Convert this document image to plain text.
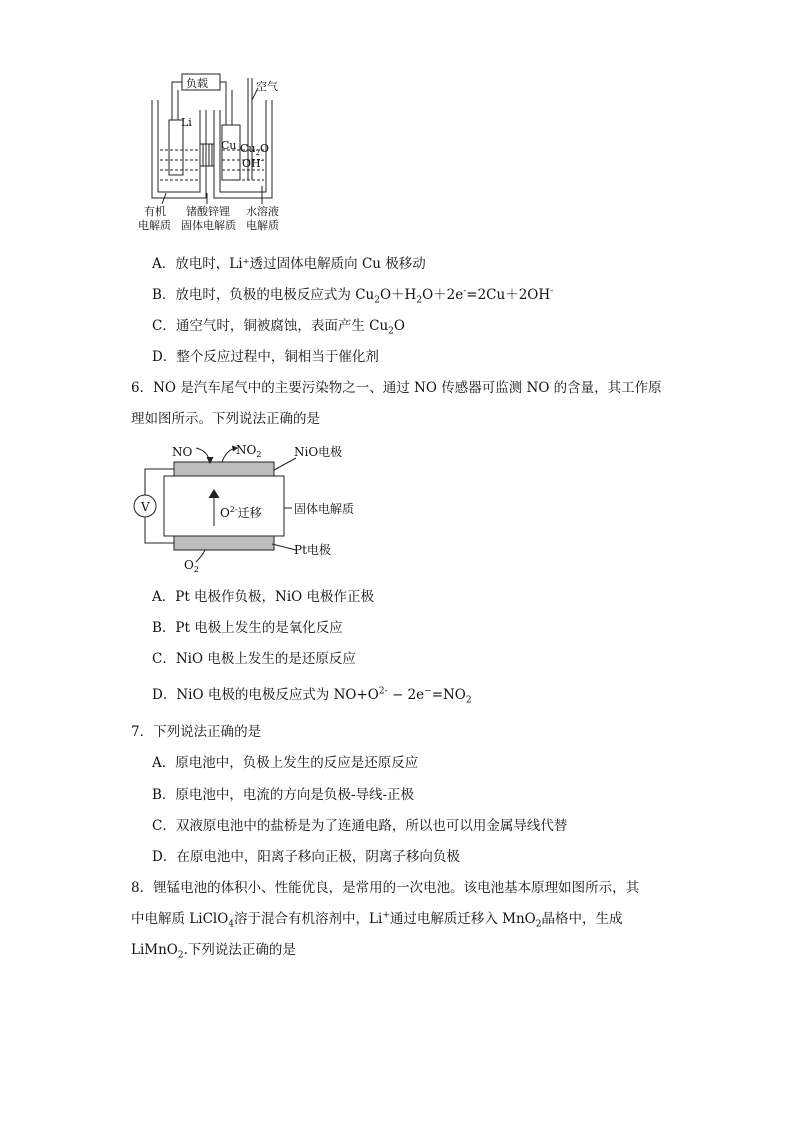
负载	空气
Li
Cu $Cu_2O$
OH-
有机
电解质
锗酸锌锂
固体电解质
水溶液
电解质
A．放电时，Li⁺透过固体电解质向 Cu 极移动
B．放电时，负极的电极反应式为 $Cu_2O+H_2O+2e^-=2Cu+2OH^-$
C．通空气时，铜被腐蚀，表面产生 $Cu_2O$
D．整个反应过程中，铜相当于催化剂
6．NO 是汽车尾气中的主要污染物之一、通过 NO 传感器可监测 NO 的含量，其工作原
理如图所示。下列说法正确的是
NO	$NO_2$	NiO电极
V	$O^{2-}$迁移	固体电解质
Pt电极
$O_2$
A．Pt 电极作负极，NiO 电极作正极
B．Pt 电极上发生的是氧化反应
C．NiO 电极上发生的是还原反应
D．NiO 电极的电极反应式为 $NO+O^{2-} - 2e^-=NO_2$
7．下列说法正确的是
A．原电池中，负极上发生的反应是还原反应
B．原电池中，电流的方向是负极-导线-正极
C．双液原电池中的盐桥是为了连通电路，所以也可以用金属导线代替
D．在原电池中，阳离子移向正极，阴离子移向负极
8．锂锰电池的体积小、性能优良，是常用的一次电池。该电池基本原理如图所示，其
中电解质 LiClO$_4$溶于混合有机溶剂中，Li+通过电解质迁移入 MnO$_2$晶格中，生成
LiMnO$_2$.下列说法正确的是
